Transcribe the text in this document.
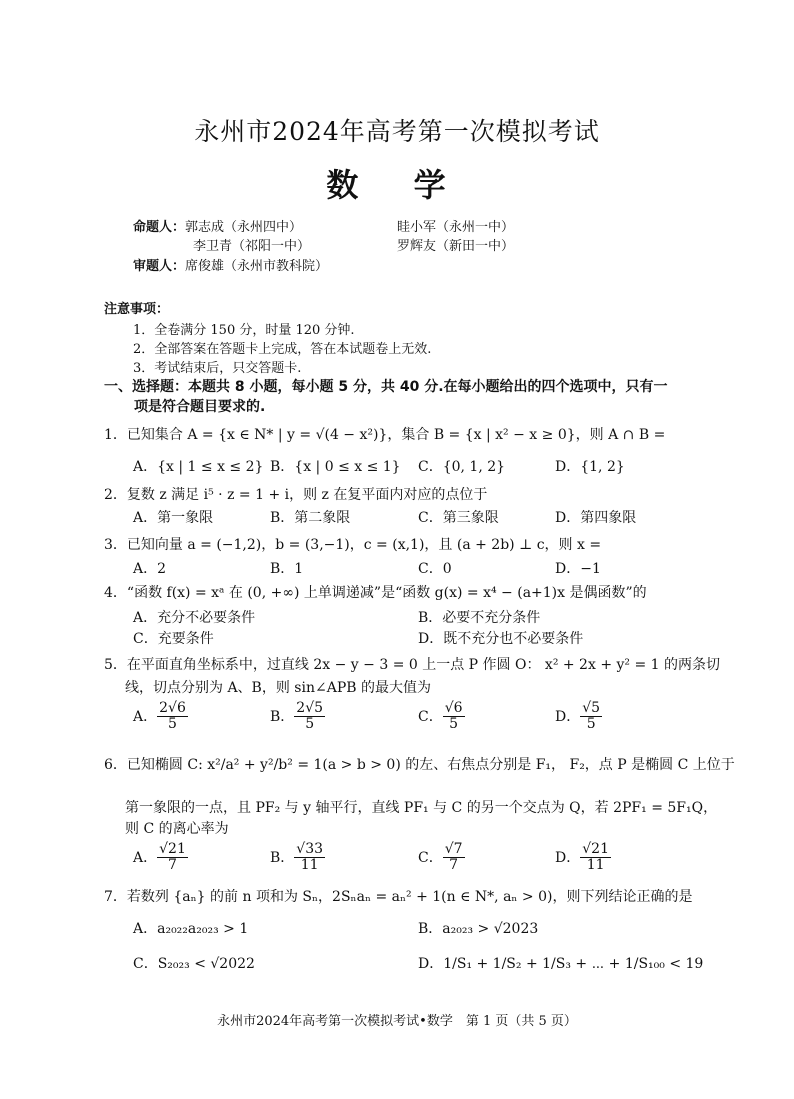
永州市2024年高考第一次模拟考试
数 学
命题人：郭志成（永州四中）	眭小军（永州一中）
李卫青（祁阳一中）	罗辉友（新田一中）
审题人：席俊雄（永州市教科院）
注意事项：
1．全卷满分 150 分，时量 120 分钟.
2．全部答案在答题卡上完成，答在本试题卷上无效.
3．考试结束后，只交答题卡.
一、选择题：本题共 8 小题，每小题 5 分，共 40 分.在每小题给出的四个选项中，只有一
项是符合题目要求的.
1．已知集合 A = {x ∈ N* | y = √(4 − x²)}，集合 B = {x | x² − x ≥ 0}，则 A ∩ B =
A．{x | 1 ≤ x ≤ 2} B．{x | 0 ≤ x ≤ 1} C．{0, 1, 2}	D．{1, 2}
2．复数 z 满足 i⁵ · z = 1 + i，则 z 在复平面内对应的点位于
A．第一象限	B．第二象限	C．第三象限	D．第四象限
3．已知向量 a = (−1,2)，b = (3,−1)，c = (x,1)，且 (a + 2b) ⊥ c，则 x =
A．2	B．1	C．0	D．−1
4．“函数 f(x) = xᵃ 在 (0, +∞) 上单调递减”是“函数 g(x) = x⁴ − (a+1)x 是偶函数”的
A．充分不必要条件	B．必要不充分条件
C．充要条件	D．既不充分也不必要条件
5．在平面直角坐标系中，过直线 2x − y − 3 = 0 上一点 P 作圆 O： x² + 2x + y² = 1 的两条切
线，切点分别为 A、B，则 sin∠APB 的最大值为
A． $\frac{2√6}{5}$	B． $\frac{2√5}{5}$	C． $\frac{√6}{5}$	D． $\frac{√5}{5}$
6．已知椭圆 C: x²/a² + y²/b² = 1(a > b > 0) 的左、右焦点分别是 F₁， F₂，点 P 是椭圆 C 上位于
第一象限的一点，且 PF₂ 与 y 轴平行，直线 PF₁ 与 C 的另一个交点为 Q，若 2PF₁ = 5F₁Q，
则 C 的离心率为
A． $\frac{√21}{7}$	B． $\frac{√33}{11}$	C． $\frac{√7}{7}$	D． $\frac{√21}{11}$
7．若数列 {aₙ} 的前 n 项和为 Sₙ，2Sₙaₙ = aₙ² + 1(n ∈ N*, aₙ > 0)，则下列结论正确的是
A．a₂₀₂₂a₂₀₂₃ > 1	B．a₂₀₂₃ > √2023
C．S₂₀₂₃ < √2022	D．1/S₁ + 1/S₂ + 1/S₃ + ⋯ + 1/S₁₀₀ < 19
永州市2024年高考第一次模拟考试•数学　第 1 页（共 5 页）
